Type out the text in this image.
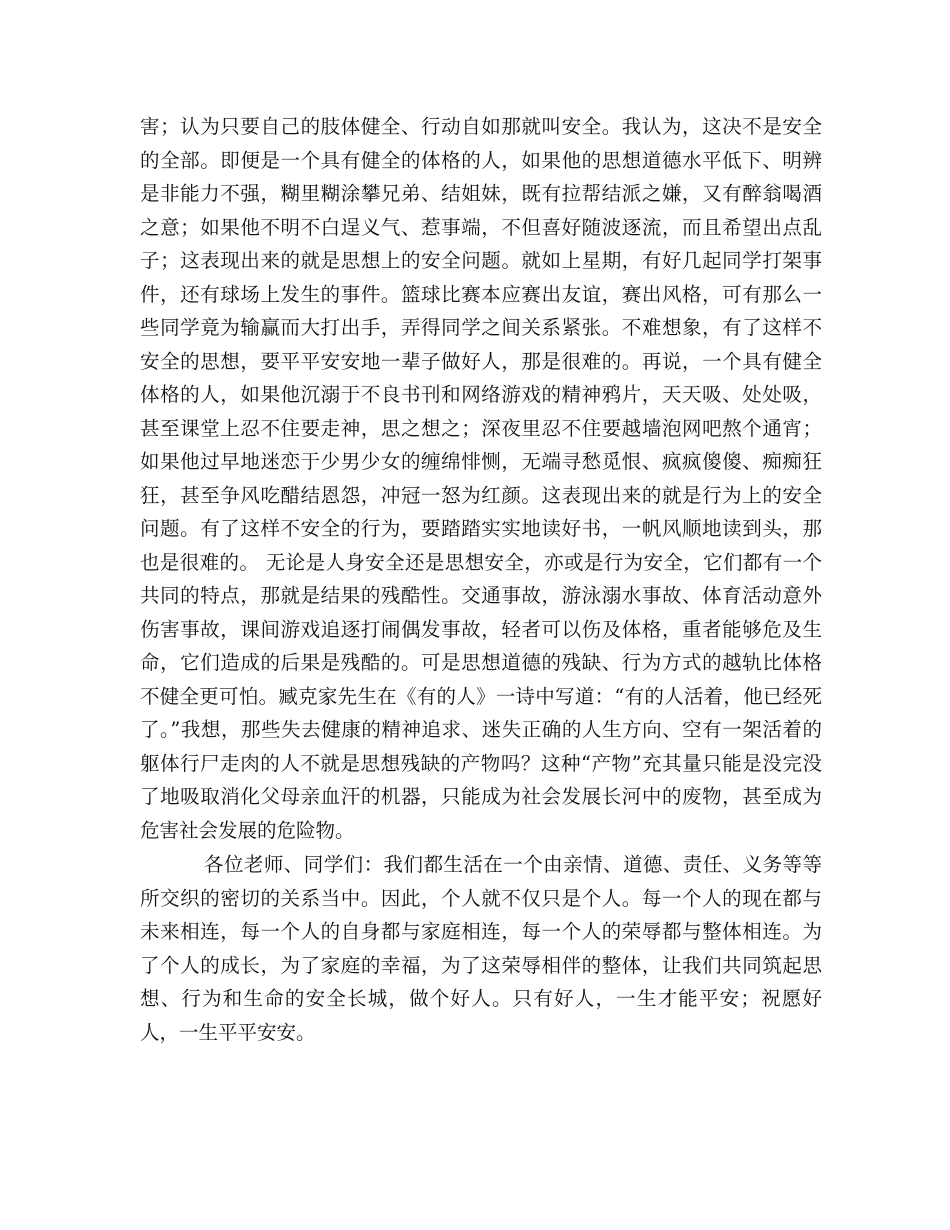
害；认为只要自己的肢体健全、行动自如那就叫安全。我认为，这决不是安全的全部。即便是一个具有健全的体格的人，如果他的思想道德水平低下、明辨是非能力不强，糊里糊涂攀兄弟、结姐妹，既有拉帮结派之嫌，又有醉翁喝酒之意；如果他不明不白逞义气、惹事端，不但喜好随波逐流，而且希望出点乱子；这表现出来的就是思想上的安全问题。就如上星期，有好几起同学打架事件，还有球场上发生的事件。篮球比赛本应赛出友谊，赛出风格，可有那么一些同学竟为输赢而大打出手，弄得同学之间关系紧张。不难想象，有了这样不安全的思想，要平平安安地一辈子做好人，那是很难的。再说，一个具有健全体格的人，如果他沉溺于不良书刊和网络游戏的精神鸦片，天天吸、处处吸，甚至课堂上忍不住要走神，思之想之；深夜里忍不住要越墙泡网吧熬个通宵；如果他过早地迷恋于少男少女的缠绵悱恻，无端寻愁觅恨、疯疯傻傻、痴痴狂狂，甚至争风吃醋结恩怨，冲冠一怒为红颜。这表现出来的就是行为上的安全问题。有了这样不安全的行为，要踏踏实实地读好书，一帆风顺地读到头，那也是很难的。 无论是人身安全还是思想安全，亦或是行为安全，它们都有一个共同的特点，那就是结果的残酷性。交通事故，游泳溺水事故、体育活动意外伤害事故，课间游戏追逐打闹偶发事故，轻者可以伤及体格，重者能够危及生命，它们造成的后果是残酷的。可是思想道德的残缺、行为方式的越轨比体格不健全更可怕。臧克家先生在《有的人》一诗中写道：“有的人活着，他已经死了。”我想，那些失去健康的精神追求、迷失正确的人生方向、空有一架活着的躯体行尸走肉的人不就是思想残缺的产物吗？这种“产物”充其量只能是没完没了地吸取消化父母亲血汗的机器，只能成为社会发展长河中的废物，甚至成为危害社会发展的危险物。

各位老师、同学们：我们都生活在一个由亲情、道德、责任、义务等等所交织的密切的关系当中。因此，个人就不仅只是个人。每一个人的现在都与未来相连，每一个人的自身都与家庭相连，每一个人的荣辱都与整体相连。为了个人的成长，为了家庭的幸福，为了这荣辱相伴的整体，让我们共同筑起思想、行为和生命的安全长城，做个好人。只有好人，一生才能平安；祝愿好人，一生平平安安。
